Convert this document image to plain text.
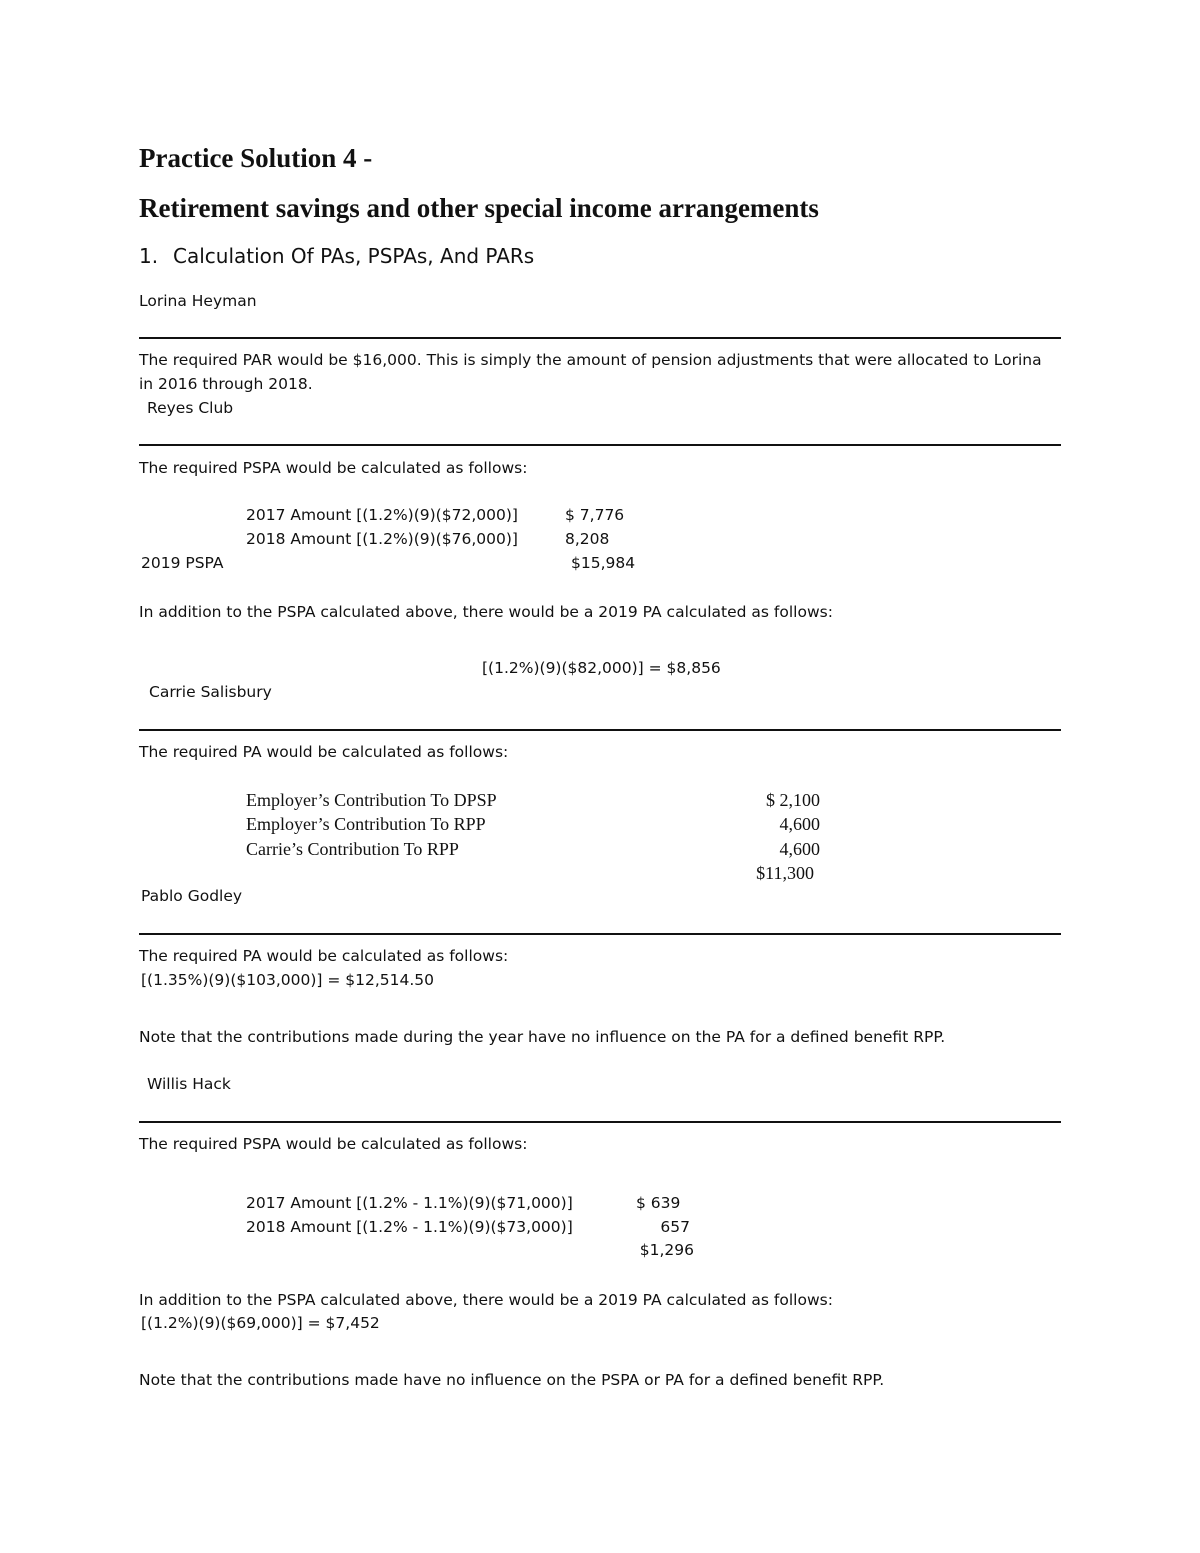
Practice Solution 4 -
Retirement savings and other special income arrangements
1. Calculation Of PAs, PSPAs, And PARs
Lorina Heyman
The required PAR would be $16,000. This is simply the amount of pension adjustments that were allocated to Lorina
in 2016 through 2018.
Reyes Club
The required PSPA would be calculated as follows:
2017 Amount [(1.2%)(9)($72,000)]	$ 7,776
2018 Amount [(1.2%)(9)($76,000)]	8,208
2019 PSPA	$15,984
In addition to the PSPA calculated above, there would be a 2019 PA calculated as follows:
[(1.2%)(9)($82,000)] = $8,856
Carrie Salisbury
The required PA would be calculated as follows:
Employer’s Contribution To DPSP	$ 2,100
Employer’s Contribution To RPP	4,600
Carrie’s Contribution To RPP	4,600
$11,300
Pablo Godley
The required PA would be calculated as follows:
[(1.35%)(9)($103,000)] = $12,514.50
Note that the contributions made during the year have no influence on the PA for a defined benefit RPP.
Willis Hack
The required PSPA would be calculated as follows:
2017 Amount [(1.2% - 1.1%)(9)($71,000)]	$ 639
2018 Amount [(1.2% - 1.1%)(9)($73,000)]	657
$1,296
In addition to the PSPA calculated above, there would be a 2019 PA calculated as follows:
[(1.2%)(9)($69,000)] = $7,452
Note that the contributions made have no influence on the PSPA or PA for a defined benefit RPP.
